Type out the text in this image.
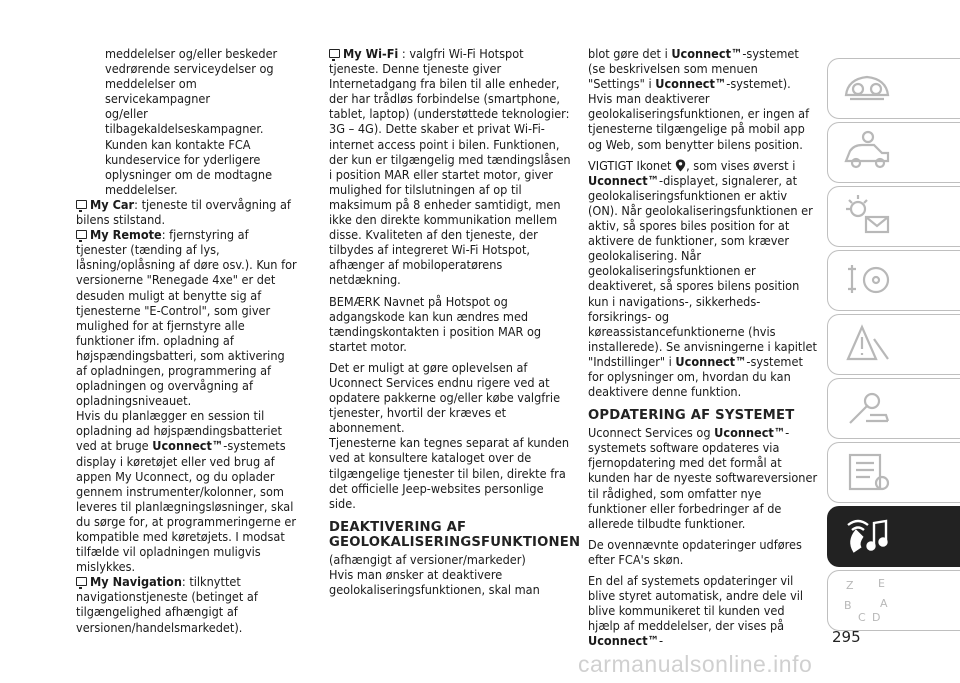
meddelelser og/eller beskeder
vedrørende serviceydelser og
meddelelser om servicekampagner
og/eller tilbagekaldelseskampagner.
Kunden kan kontakte FCA
kundeservice for yderligere
oplysninger om de modtagne
meddelelser.

My Car: tjeneste til overvågning af bilens stilstand.

My Remote: fjernstyring af tjenester (tænding af lys, låsning/oplåsning af døre osv.). Kun for versionerne "Renegade 4xe" er det desuden muligt at benytte sig af tjenesterne "E-Control", som giver mulighed for at fjernstyre alle funktioner ifm. opladning af højspændingsbatteri, som aktivering af opladningen, programmering af opladningen og overvågning af opladningsniveauet.

Hvis du planlægger en session til opladning ad højspændingsbatteriet ved at bruge Uconnect™-systemets display i køretøjet eller ved brug af appen My Uconnect, og du oplader gennem instrumenter/kolonner, som leveres til planlægningsløsninger, skal du sørge for, at programmeringerne er kompatible med køretøjets. I modsat tilfælde vil opladningen muligvis mislykkes.

My Navigation: tilknyttet navigationstjeneste (betinget af tilgængelighed afhængigt af versionen/handelsmarkedet).

My Wi-Fi : valgfri Wi-Fi Hotspot tjeneste. Denne tjeneste giver Internetadgang fra bilen til alle enheder, der har trådløs forbindelse (smartphone, tablet, laptop) (understøttede teknologier: 3G – 4G). Dette skaber et privat Wi-Fi-internet access point i bilen. Funktionen, der kun er tilgængelig med tændingslåsen i position MAR eller startet motor, giver mulighed for tilslutningen af op til maksimum på 8 enheder samtidigt, men ikke den direkte kommunikation mellem disse. Kvaliteten af den tjeneste, der tilbydes af integreret Wi-Fi Hotspot, afhænger af mobiloperatørens netdækning.

BEMÆRK Navnet på Hotspot og adgangskode kan kun ændres med tændingskontakten i position MAR og startet motor.

Det er muligt at gøre oplevelsen af Uconnect Services endnu rigere ved at opdatere pakkerne og/eller købe valgfrie tjenester, hvortil der kræves et abonnement.

Tjenesterne kan tegnes separat af kunden ved at konsultere kataloget over de tilgængelige tjenester til bilen, direkte fra det officielle Jeep-websites personlige side.

DEAKTIVERING AF GEOLOKALISERINGSFUNKTIONEN

(afhængigt af versioner/markeder)

Hvis man ønsker at deaktivere geolokaliseringsfunktionen, skal man

blot gøre det i Uconnect™-systemet (se beskrivelsen som menuen "Settings" i Uconnect™-systemet).

Hvis man deaktiverer geolokaliseringsfunktionen, er ingen af tjenesterne tilgængelige på mobil app og Web, som benytter bilens position.

VIGTIGT Ikonet , som vises øverst i Uconnect™-displayet, signalerer, at geolokaliseringsfunktionen er aktiv (ON). Når geolokaliseringsfunktionen er aktiv, så spores biles position for at aktivere de funktioner, som kræver geolokalisering. Når geolokaliseringsfunktionen er deaktiveret, så spores bilens position kun i navigations-, sikkerheds- forsikrings- og køreassistancefunktionerne (hvis installerede). Se anvisningerne i kapitlet "Indstillinger" i Uconnect™-systemet for oplysninger om, hvordan du kan deaktivere denne funktion.

OPDATERING AF SYSTEMET

Uconnect Services og Uconnect™-systemets software opdateres via fjernopdatering med det formål at kunden har de nyeste softwareversioner til rådighed, som omfatter nye funktioner eller forbedringer af de allerede tilbudte funktioner.

De ovennævnte opdateringer udføres efter FCA's skøn.

En del af systemets opdateringer vil blive styret automatisk, andre dele vil blive kommunikeret til kunden ved hjælp af meddelelser, der vises på Uconnect™-

Z E
B	A
C D
295
carmanualsonline.info
